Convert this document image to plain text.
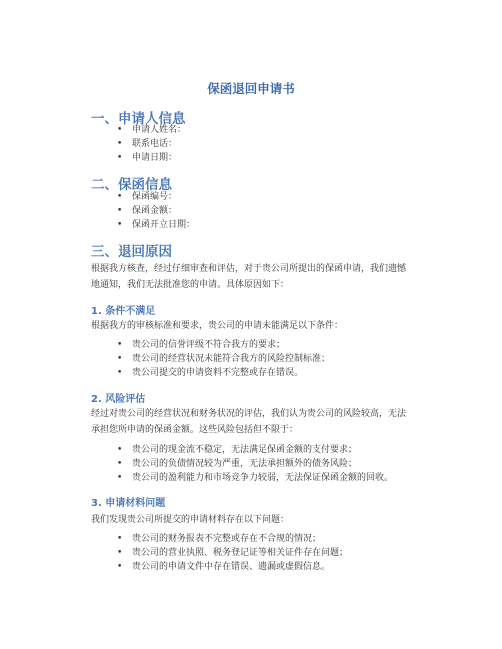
保函退回申请书
一、申请人信息
• 申请人姓名：
• 联系电话：
• 申请日期：
二、保函信息
• 保函编号：
• 保函金额：
• 保函开立日期：
三、退回原因
根据我方核查，经过仔细审查和评估，对于贵公司所提出的保函申请，我们遗憾地通知，我们无法批准您的申请。具体原因如下：
1. 条件不满足
根据我方的审核标准和要求，贵公司的申请未能满足以下条件：
• 贵公司的信誉评级不符合我方的要求；
• 贵公司的经营状况未能符合我方的风险控制标准；
• 贵公司提交的申请资料不完整或存在错误。
2. 风险评估
经过对贵公司的经营状况和财务状况的评估，我们认为贵公司的风险较高，无法承担您所申请的保函金额。这些风险包括但不限于：
• 贵公司的现金流不稳定，无法满足保函金额的支付要求；
• 贵公司的负债情况较为严重，无法承担额外的债务风险；
• 贵公司的盈利能力和市场竞争力较弱，无法保证保函金额的回收。
3. 申请材料问题
我们发现贵公司所提交的申请材料存在以下问题：
• 贵公司的财务报表不完整或存在不合规的情况；
• 贵公司的营业执照、税务登记证等相关证件存在问题；
• 贵公司的申请文件中存在错误、遗漏或虚假信息。
